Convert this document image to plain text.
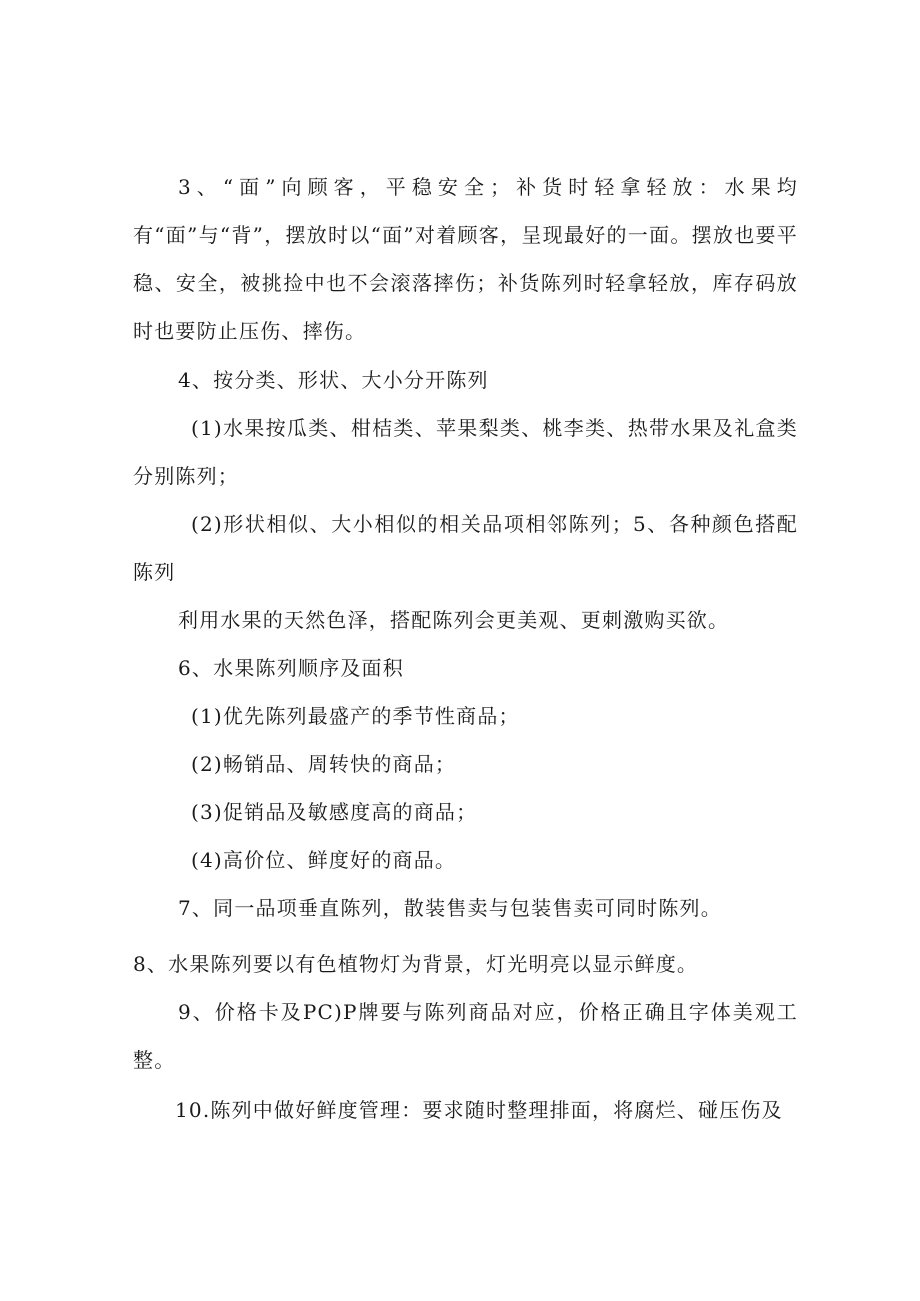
3、“面”向顾客，平稳安全；补货时轻拿轻放：水果均有“面”与“背”，摆放时以“面”对着顾客，呈现最好的一面。摆放也要平稳、安全，被挑捡中也不会滚落摔伤；补货陈列时轻拿轻放，库存码放时也要防止压伤、摔伤。

4、按分类、形状、大小分开陈列

(1)水果按瓜类、柑桔类、苹果梨类、桃李类、热带水果及礼盒类分别陈列；

(2)形状相似、大小相似的相关品项相邻陈列；5、各种颜色搭配陈列

利用水果的天然色泽，搭配陈列会更美观、更刺激购买欲。

6、水果陈列顺序及面积

(1)优先陈列最盛产的季节性商品；

(2)畅销品、周转快的商品；

(3)促销品及敏感度高的商品；

(4)高价位、鲜度好的商品。

7、同一品项垂直陈列，散装售卖与包装售卖可同时陈列。

8、水果陈列要以有色植物灯为背景，灯光明亮以显示鲜度。

9、价格卡及PC)P牌要与陈列商品对应，价格正确且字体美观工整。

10.陈列中做好鲜度管理：要求随时整理排面，将腐烂、碰压伤及
